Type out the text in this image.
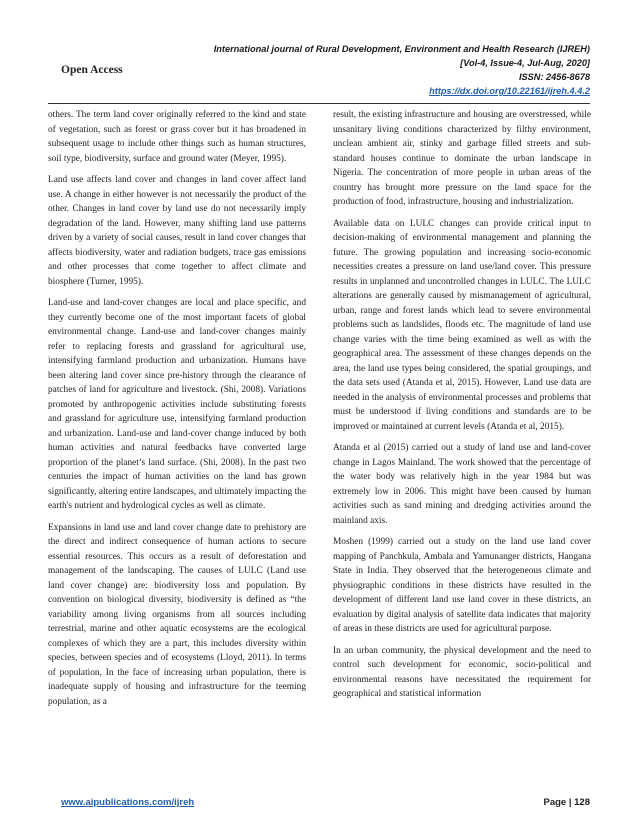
International journal of Rural Development, Environment and Health Research (IJREH)
[Vol-4, Issue-4, Jul-Aug, 2020]
ISSN: 2456-8678
https://dx.doi.org/10.22161/ijreh.4.4.2
Open Access

others. The term land cover originally referred to the kind and state of vegetation, such as forest or grass cover but it has broadened in subsequent usage to include other things such as human structures, soil type, biodiversity, surface and ground water (Meyer, 1995).

Land use affects land cover and changes in land cover affect land use. A change in either however is not necessarily the product of the other. Changes in land cover by land use do not necessarily imply degradation of the land. However, many shifting land use patterns driven by a variety of social causes, result in land cover changes that affects biodiversity, water and radiation budgets, trace gas emissions and other processes that come together to affect climate and biosphere (Turner, 1995).

Land-use and land-cover changes are local and place specific, and they currently become one of the most important facets of global environmental change. Land-use and land-cover changes mainly refer to replacing forests and grassland for agricultural use, intensifying farmland production and urbanization. Humans have been altering land cover since pre-history through the clearance of patches of land for agriculture and livestock. (Shi, 2008). Variations promoted by anthropogenic activities include substituting forests and grassland for agriculture use, intensifying farmland production and urbanization. Land-use and land-cover change induced by both human activities and natural feedbacks have converted large proportion of the planet’s land surface. (Shi, 2008). In the past two centuries the impact of human activities on the land has grown significantly, altering entire landscapes, and ultimately impacting the earth's nutrient and hydrological cycles as well as climate.

Expansions in land use and land cover change date to prehistory are the direct and indirect consequence of human actions to secure essential resources. This occurs as a result of deforestation and management of the landscaping. The causes of LULC (Land use land cover change) are: biodiversity loss and population. By convention on biological diversity, biodiversity is defined as “the variability among living organisms from all sources including terrestrial, marine and other aquatic ecosystems are the ecological complexes of which they are a part, this includes diversity within species, between species and of ecosystems (Lloyd, 2011). In terms of population, In the face of increasing urban population, there is inadequate supply of housing and infrastructure for the teeming population, as a

result, the existing infrastructure and housing are overstressed, while unsanitary living conditions characterized by filthy environment, unclean ambient air, stinky and garbage filled streets and sub-standard houses continue to dominate the urban landscape in Nigeria. The concentration of more people in urban areas of the country has brought more pressure on the land space for the production of food, infrastructure, housing and industrialization.

Available data on LULC changes can provide critical input to decision-making of environmental management and planning the future. The growing population and increasing socio-economic necessities creates a pressure on land use/land cover. This pressure results in unplanned and uncontrolled changes in LULC. The LULC alterations are generally caused by mismanagement of agricultural, urban, range and forest lands which lead to severe environmental problems such as landslides, floods etc. The magnitude of land use change varies with the time being examined as well as with the geographical area. The assessment of these changes depends on the area, the land use types being considered, the spatial groupings, and the data sets used (Atanda et al, 2015). However, Land use data are needed in the analysis of environmental processes and problems that must be understood if living conditions and standards are to be improved or maintained at current levels (Atanda et al, 2015).

Atanda et al (2015) carried out a study of land use and land-cover change in Lagos Mainland. The work showed that the percentage of the water body was relatively high in the year 1984 but was extremely low in 2006. This might have been caused by human activities such as sand mining and dredging activities around the mainland axis.

Moshen (1999) carried out a study on the land use land cover mapping of Panchkula, Ambala and Yamunanger districts, Hangana State in India. They observed that the heterogeneous climate and physiographic conditions in these districts have resulted in the development of different land use land cover in these districts, an evaluation by digital analysis of satellite data indicates that majority of areas in these districts are used for agricultural purpose.

In an urban community, the physical development and the need to control such development for economic, socio-political and environmental reasons have necessitated the requirement for geographical and statistical information

www.aipublications.com/ijreh	Page | 128
